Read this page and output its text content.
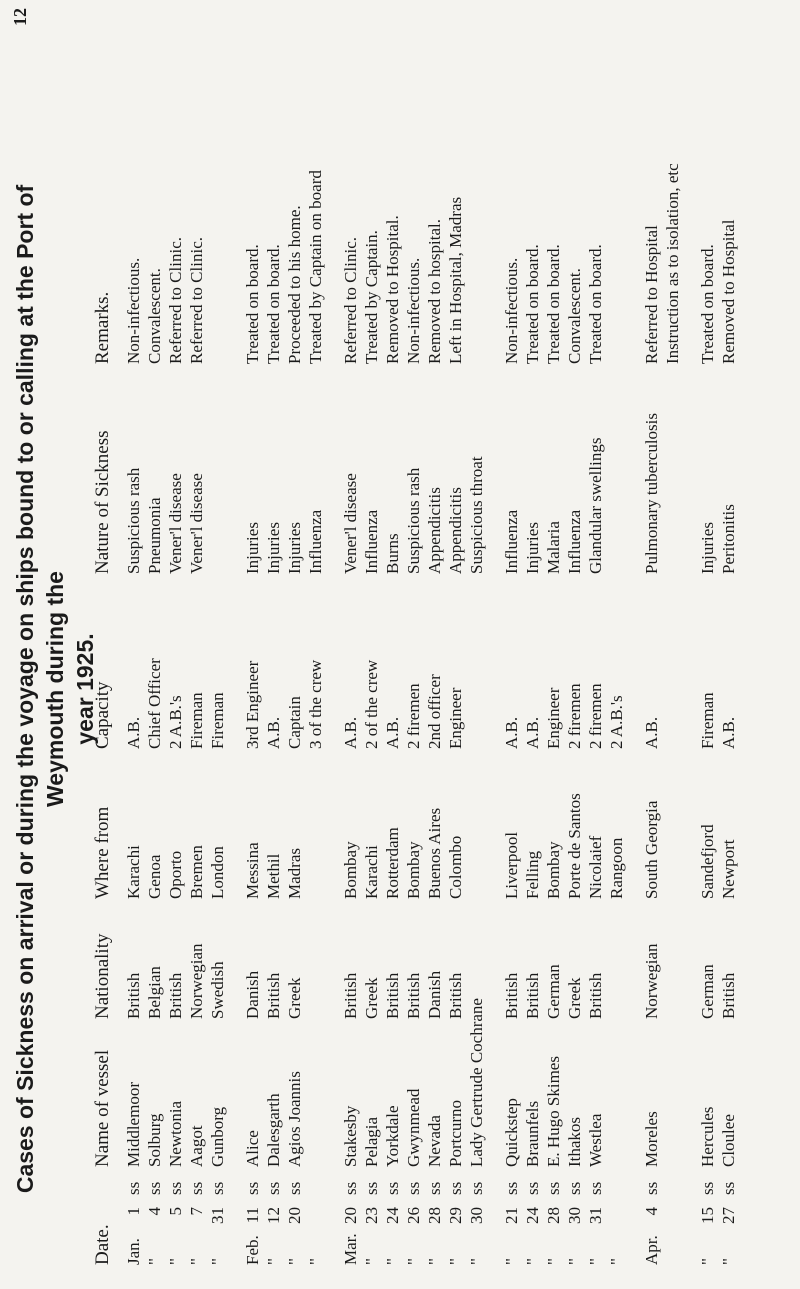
12
Cases of Sickness on arrival or during the voyage on ships bound to or calling at the Port of Weymouth during the year 1925.
Date.		Name of vessel	Nationality	Where from	Capacity	Nature of Sickness	Remarks.
Jan.1	ss	Middlemoor	British	Karachi	A.B.	Suspicious rash	Non-infectious.
"4	ss	Solburg	Belgian	Genoa	Chief Officer	Pneumonia	Convalescent.
"5	ss	Newtonia	British	Oporto	2 A.B.'s	Vener'l disease	Referred to Clinic.
"7	ss	Aagot	Norwegian	Bremen	Fireman	Vener'l disease	Referred to Clinic.
"31	ss	Gunborg	Swedish	London	Fireman		

Feb.11	ss	Alice	Danish	Messina	3rd Engineer	Injuries	Treated on board.
"12	ss	Dalesgarth	British	Methil	A.B.	Injuries	Treated on board.
"20	ss	Agios Joannis	Greek	Madras	Captain	Injuries	Proceeded to his home.
"					3 of the crew	Influenza	Treated by Captain on board

Mar.20	ss	Stakesby	British	Bombay	A.B.	Vener'l disease	Referred to Clinic.
"23	ss	Pelagia	Greek	Karachi	2 of the crew	Influenza	Treated by Captain.
"24	ss	Yorkdale	British	Rotterdam	A.B.	Burns	Removed to Hospital.
"26	ss	Gwynmead	British	Bombay	2 firemen	Suspicious rash	Non-infectious.
"28	ss	Nevada	Danish	Buenos Aires	2nd officer	Appendicitis	Removed to hospital.
"29	ss	Portcurno	British	Colombo	Engineer	Appendicitis	Left in Hospital, Madras
"30	ss	Lady Gertrude Cochrane				Suspicious throat	

"21	ss	Quickstep	British	Liverpool	A.B.	Influenza	Non-infectious.
"24	ss	Braunfels	British	Felling	A.B.	Injuries	Treated on board.
"28	ss	E. Hugo Skimes	German	Bombay	Engineer	Malaria	Treated on board.
"30	ss	Ithakos	Greek	Porte de Santos	2 firemen	Influenza	Convalescent.
"31	ss	Westlea	British	Nicolaief	2 firemen	Glandular swellings	Treated on board.
"				Rangoon	2 A.B.'s		

Apr.4	ss	Moreles	Norwegian	South Georgia	A.B.	Pulmonary tuberculosis	Referred to Hospital
							Instruction as to isolation, etc

"15	ss	Hercules	German	Sandefjord	Fireman	Injuries	Treated on board.
"27	ss	Cloulee	British	Newport	A.B.	Peritonitis	Removed to Hospital
